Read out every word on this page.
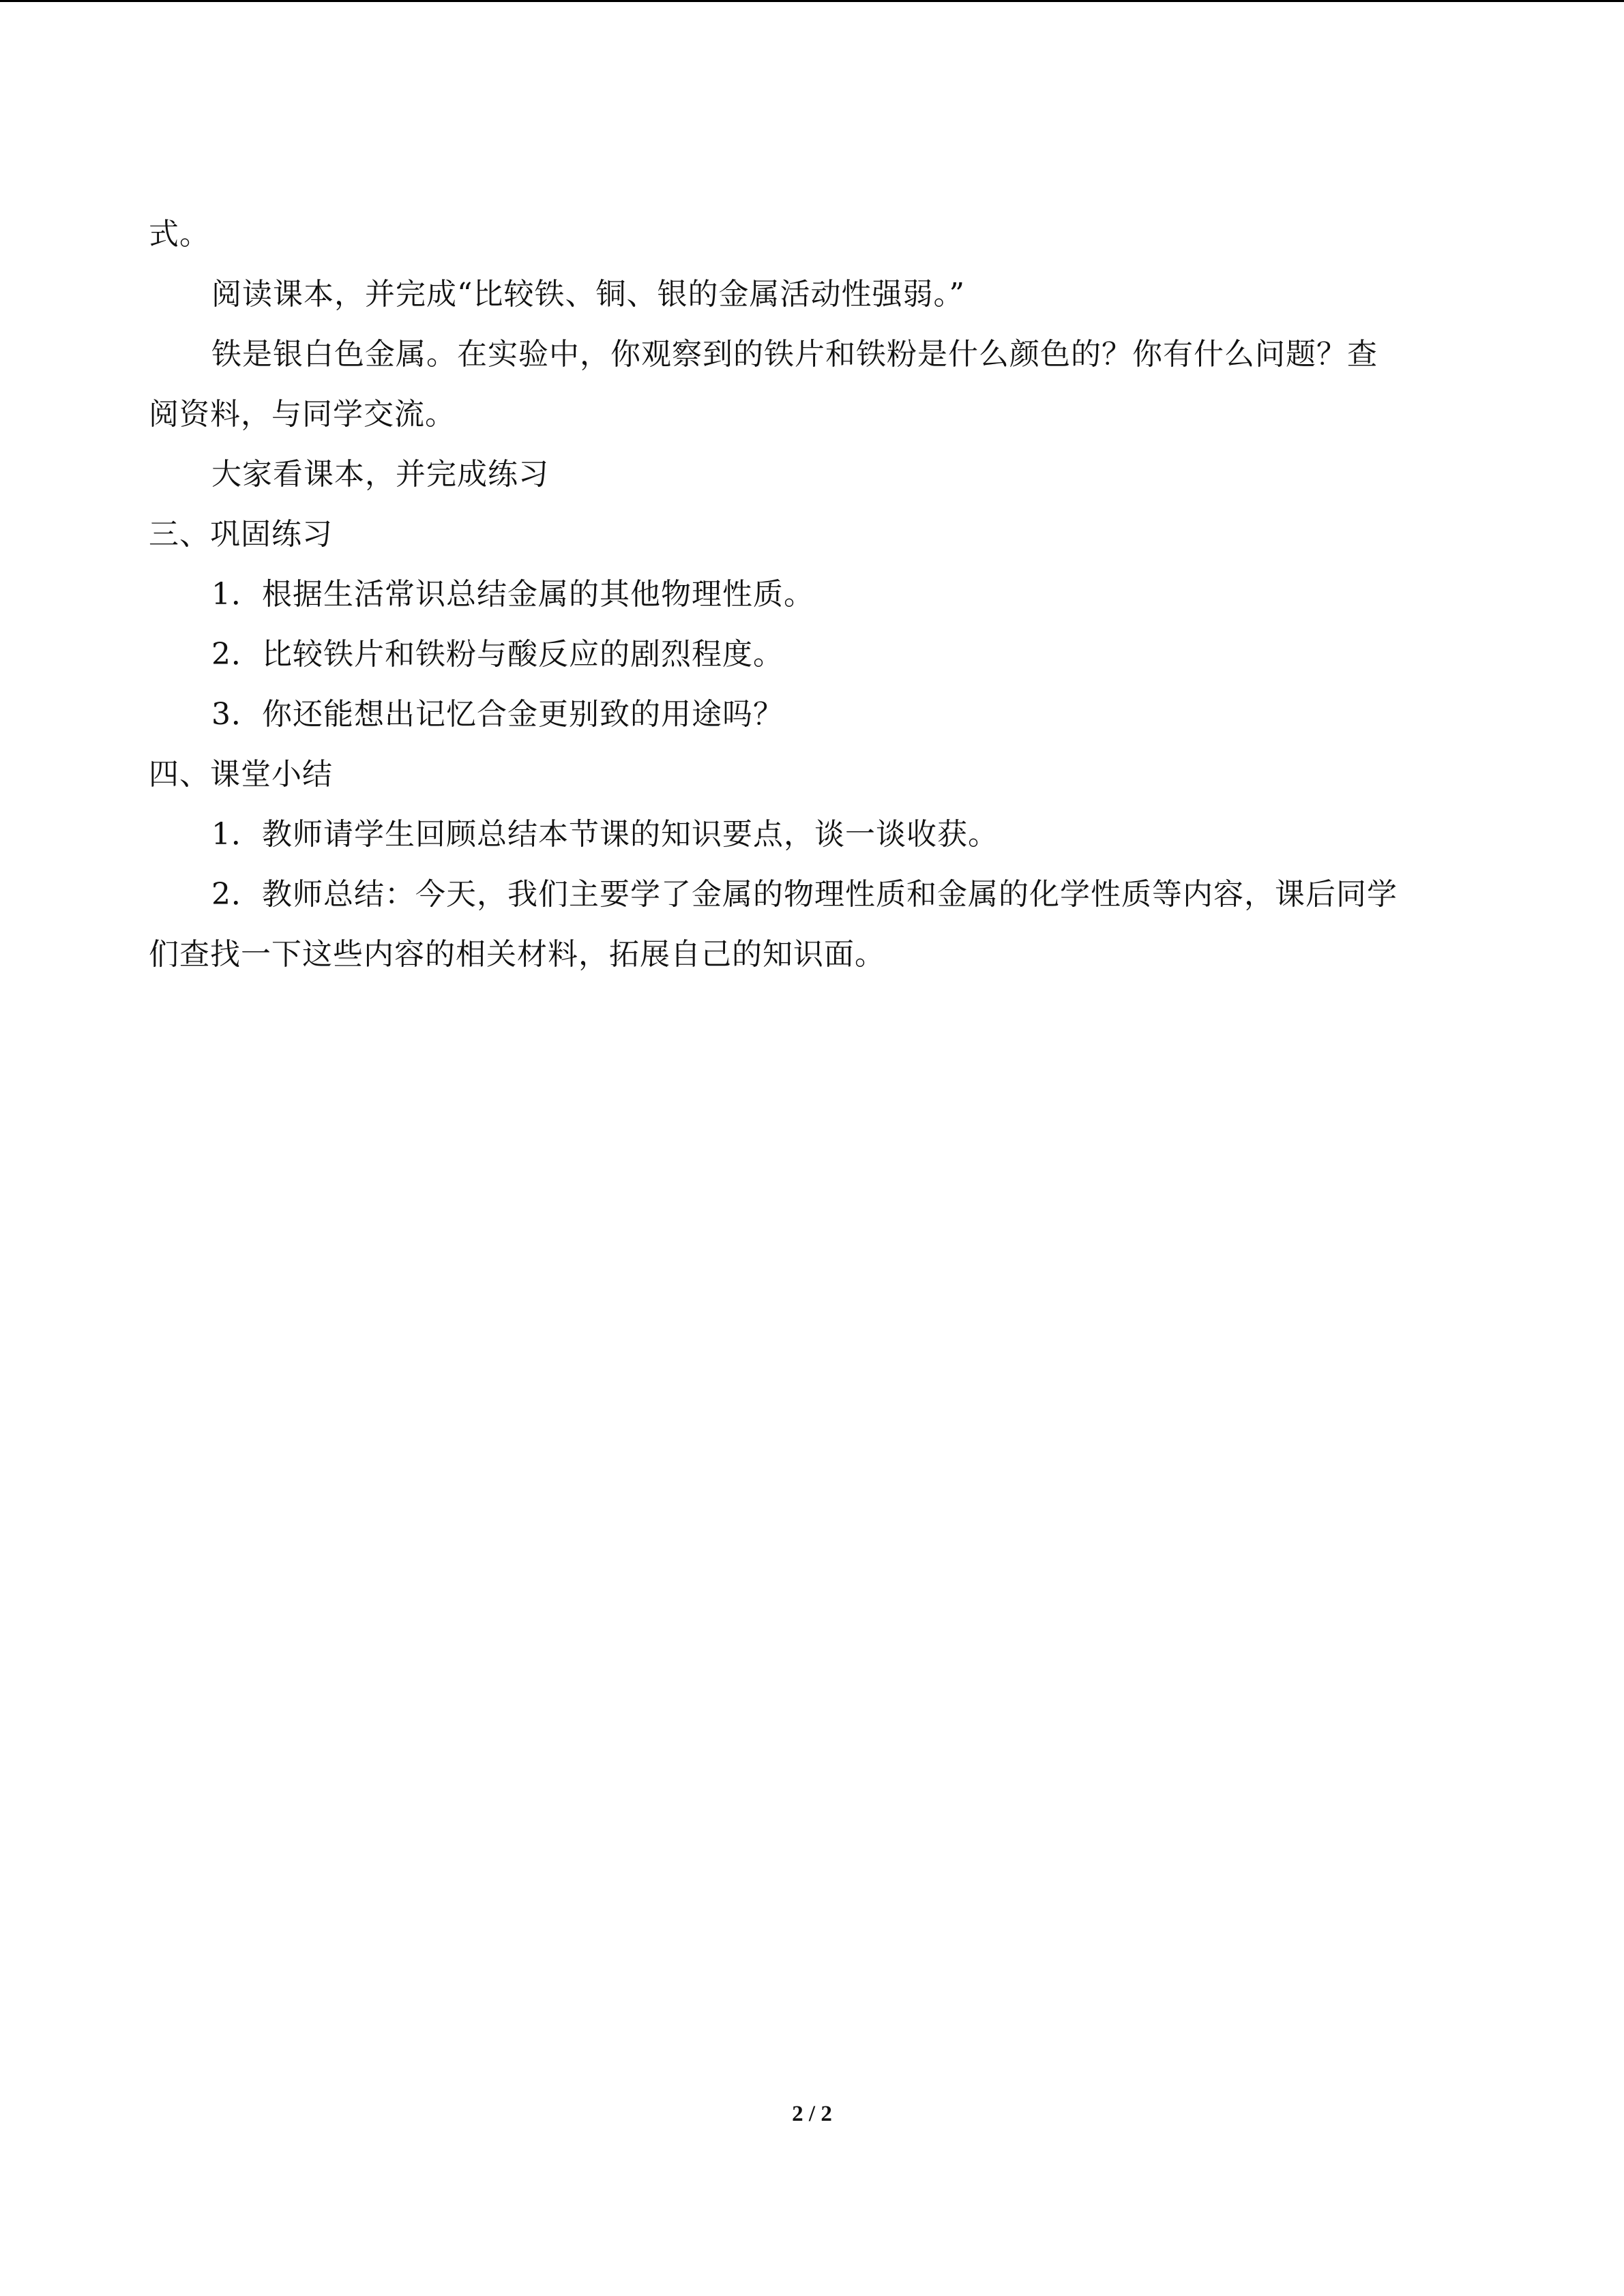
式。
阅读课本，并完成“比较铁、铜、银的金属活动性强弱。”
铁是银白色金属。在实验中，你观察到的铁片和铁粉是什么颜色的？你有什么问题？查
阅资料，与同学交流。
大家看课本，并完成练习
三、巩固练习
1．根据生活常识总结金属的其他物理性质。
2．比较铁片和铁粉与酸反应的剧烈程度。
3．你还能想出记忆合金更别致的用途吗？
四、课堂小结
1．教师请学生回顾总结本节课的知识要点，谈一谈收获。
2．教师总结：今天，我们主要学了金属的物理性质和金属的化学性质等内容，课后同学
们查找一下这些内容的相关材料，拓展自己的知识面。
2 / 2
